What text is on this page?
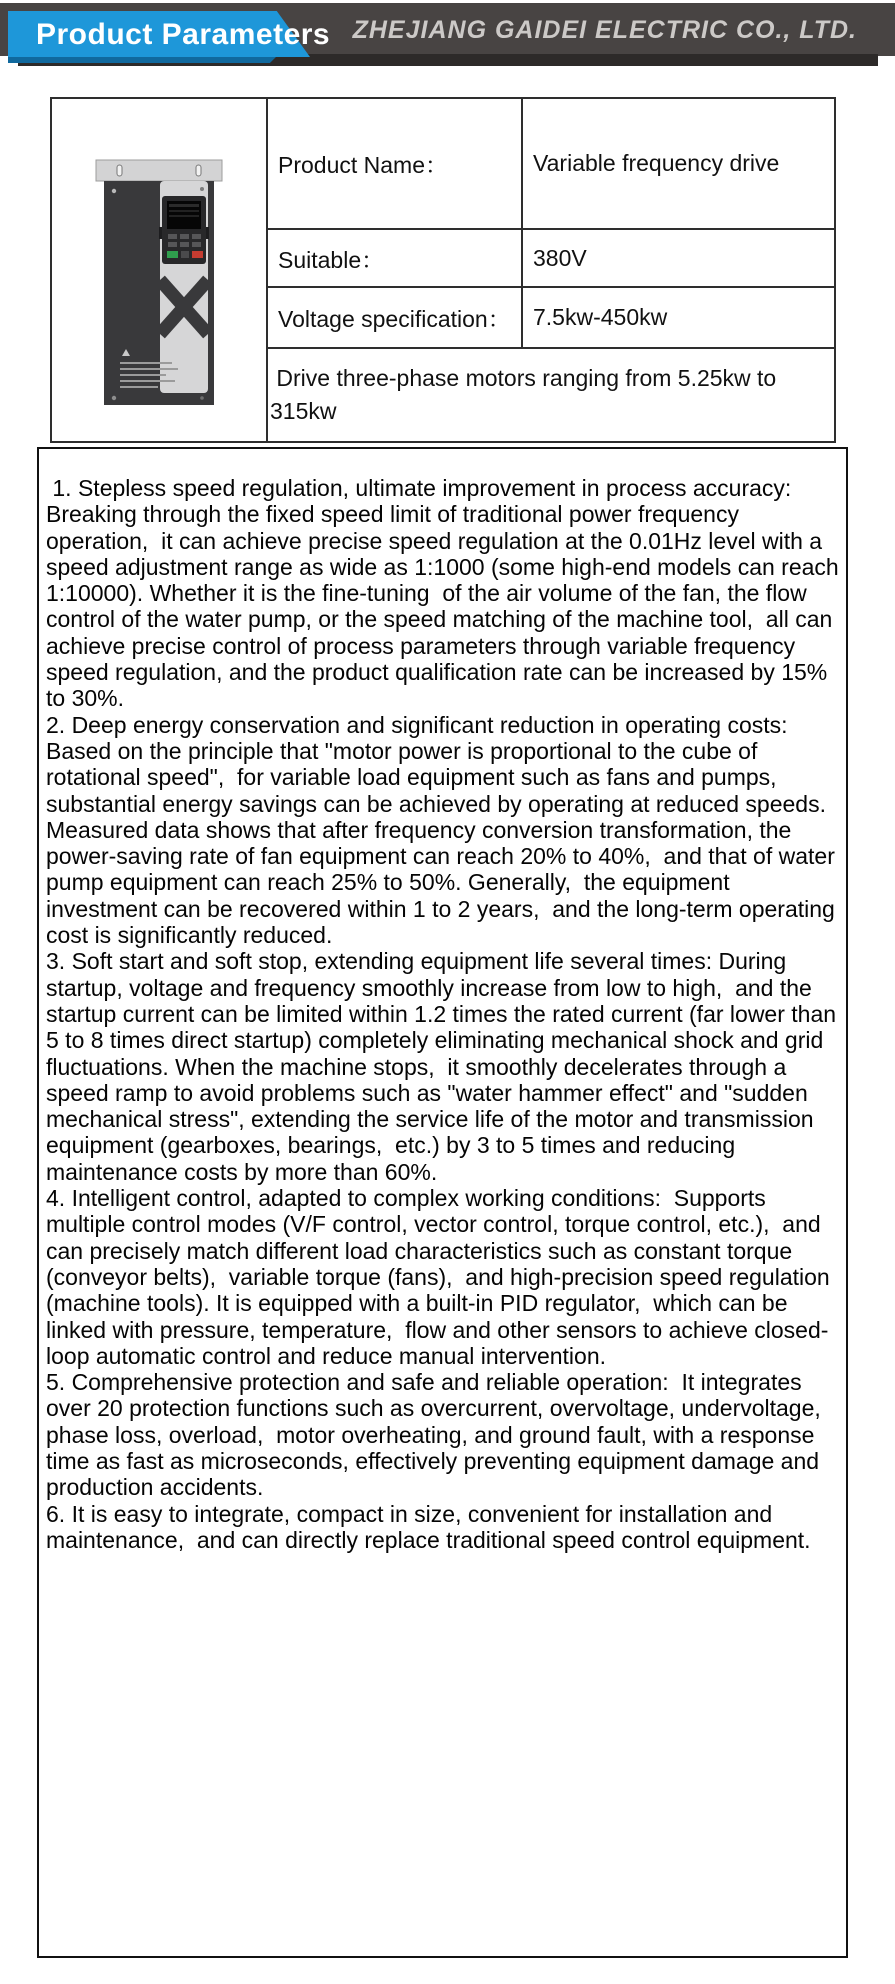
ZHEJIANG GAIDEI ELECTRIC CO., LTD.
Product Parameters
	Product Name：	Variable frequency drive
	Suitable：	380V
	Voltage specification：	7.5kw-450kw
	Drive three-phase motors ranging from 5.25kw to 315kw	

1. Stepless speed regulation, ultimate improvement in process accuracy:  Breaking through the fixed speed limit of traditional power frequency operation,  it can achieve precise speed regulation at the 0.01Hz level with a speed adjustment range as wide as 1:1000 (some high-end models can reach 1:10000). Whether it is the fine-tuning  of the air volume of the fan, the flow control of the water pump, or the speed matching of the machine tool,  all can achieve precise control of process parameters through variable frequency speed regulation, and the product qualification rate can be increased by 15% to 30%.

2. Deep energy conservation and significant reduction in operating costs:  Based on the principle that "motor power is proportional to the cube of rotational speed",  for variable load equipment such as fans and pumps,  substantial energy savings can be achieved by operating at reduced speeds. Measured data shows that after frequency conversion transformation, the power-saving rate of fan equipment can reach 20% to 40%,  and that of water pump equipment can reach 25% to 50%. Generally,  the equipment investment can be recovered within 1 to 2 years,  and the long-term operating cost is significantly reduced.

3. Soft start and soft stop, extending equipment life several times: During startup, voltage and frequency smoothly increase from low to high,  and the startup current can be limited within 1.2 times the rated current (far lower than 5 to 8 times direct startup) completely eliminating mechanical shock and grid fluctuations. When the machine stops,  it smoothly decelerates through a speed ramp to avoid problems such as "water hammer effect" and "sudden mechanical stress", extending the service life of the motor and transmission equipment (gearboxes, bearings,  etc.) by 3 to 5 times and reducing maintenance costs by more than 60%.

4. Intelligent control, adapted to complex working conditions:  Supports multiple control modes (V/F control, vector control, torque control, etc.),  and can precisely match different load characteristics such as constant torque (conveyor belts),  variable torque (fans),  and high-precision speed regulation (machine tools). It is equipped with a built-in PID regulator,  which can be linked with pressure, temperature,  flow and other sensors to achieve closed-loop automatic control and reduce manual intervention.

5. Comprehensive protection and safe and reliable operation:  It integrates over 20 protection functions such as overcurrent, overvoltage, undervoltage, phase loss, overload,  motor overheating, and ground fault, with a response time as fast as microseconds, effectively preventing equipment damage and production accidents.

6. It is easy to integrate, compact in size, convenient for installation and maintenance,  and can directly replace traditional speed control equipment.
